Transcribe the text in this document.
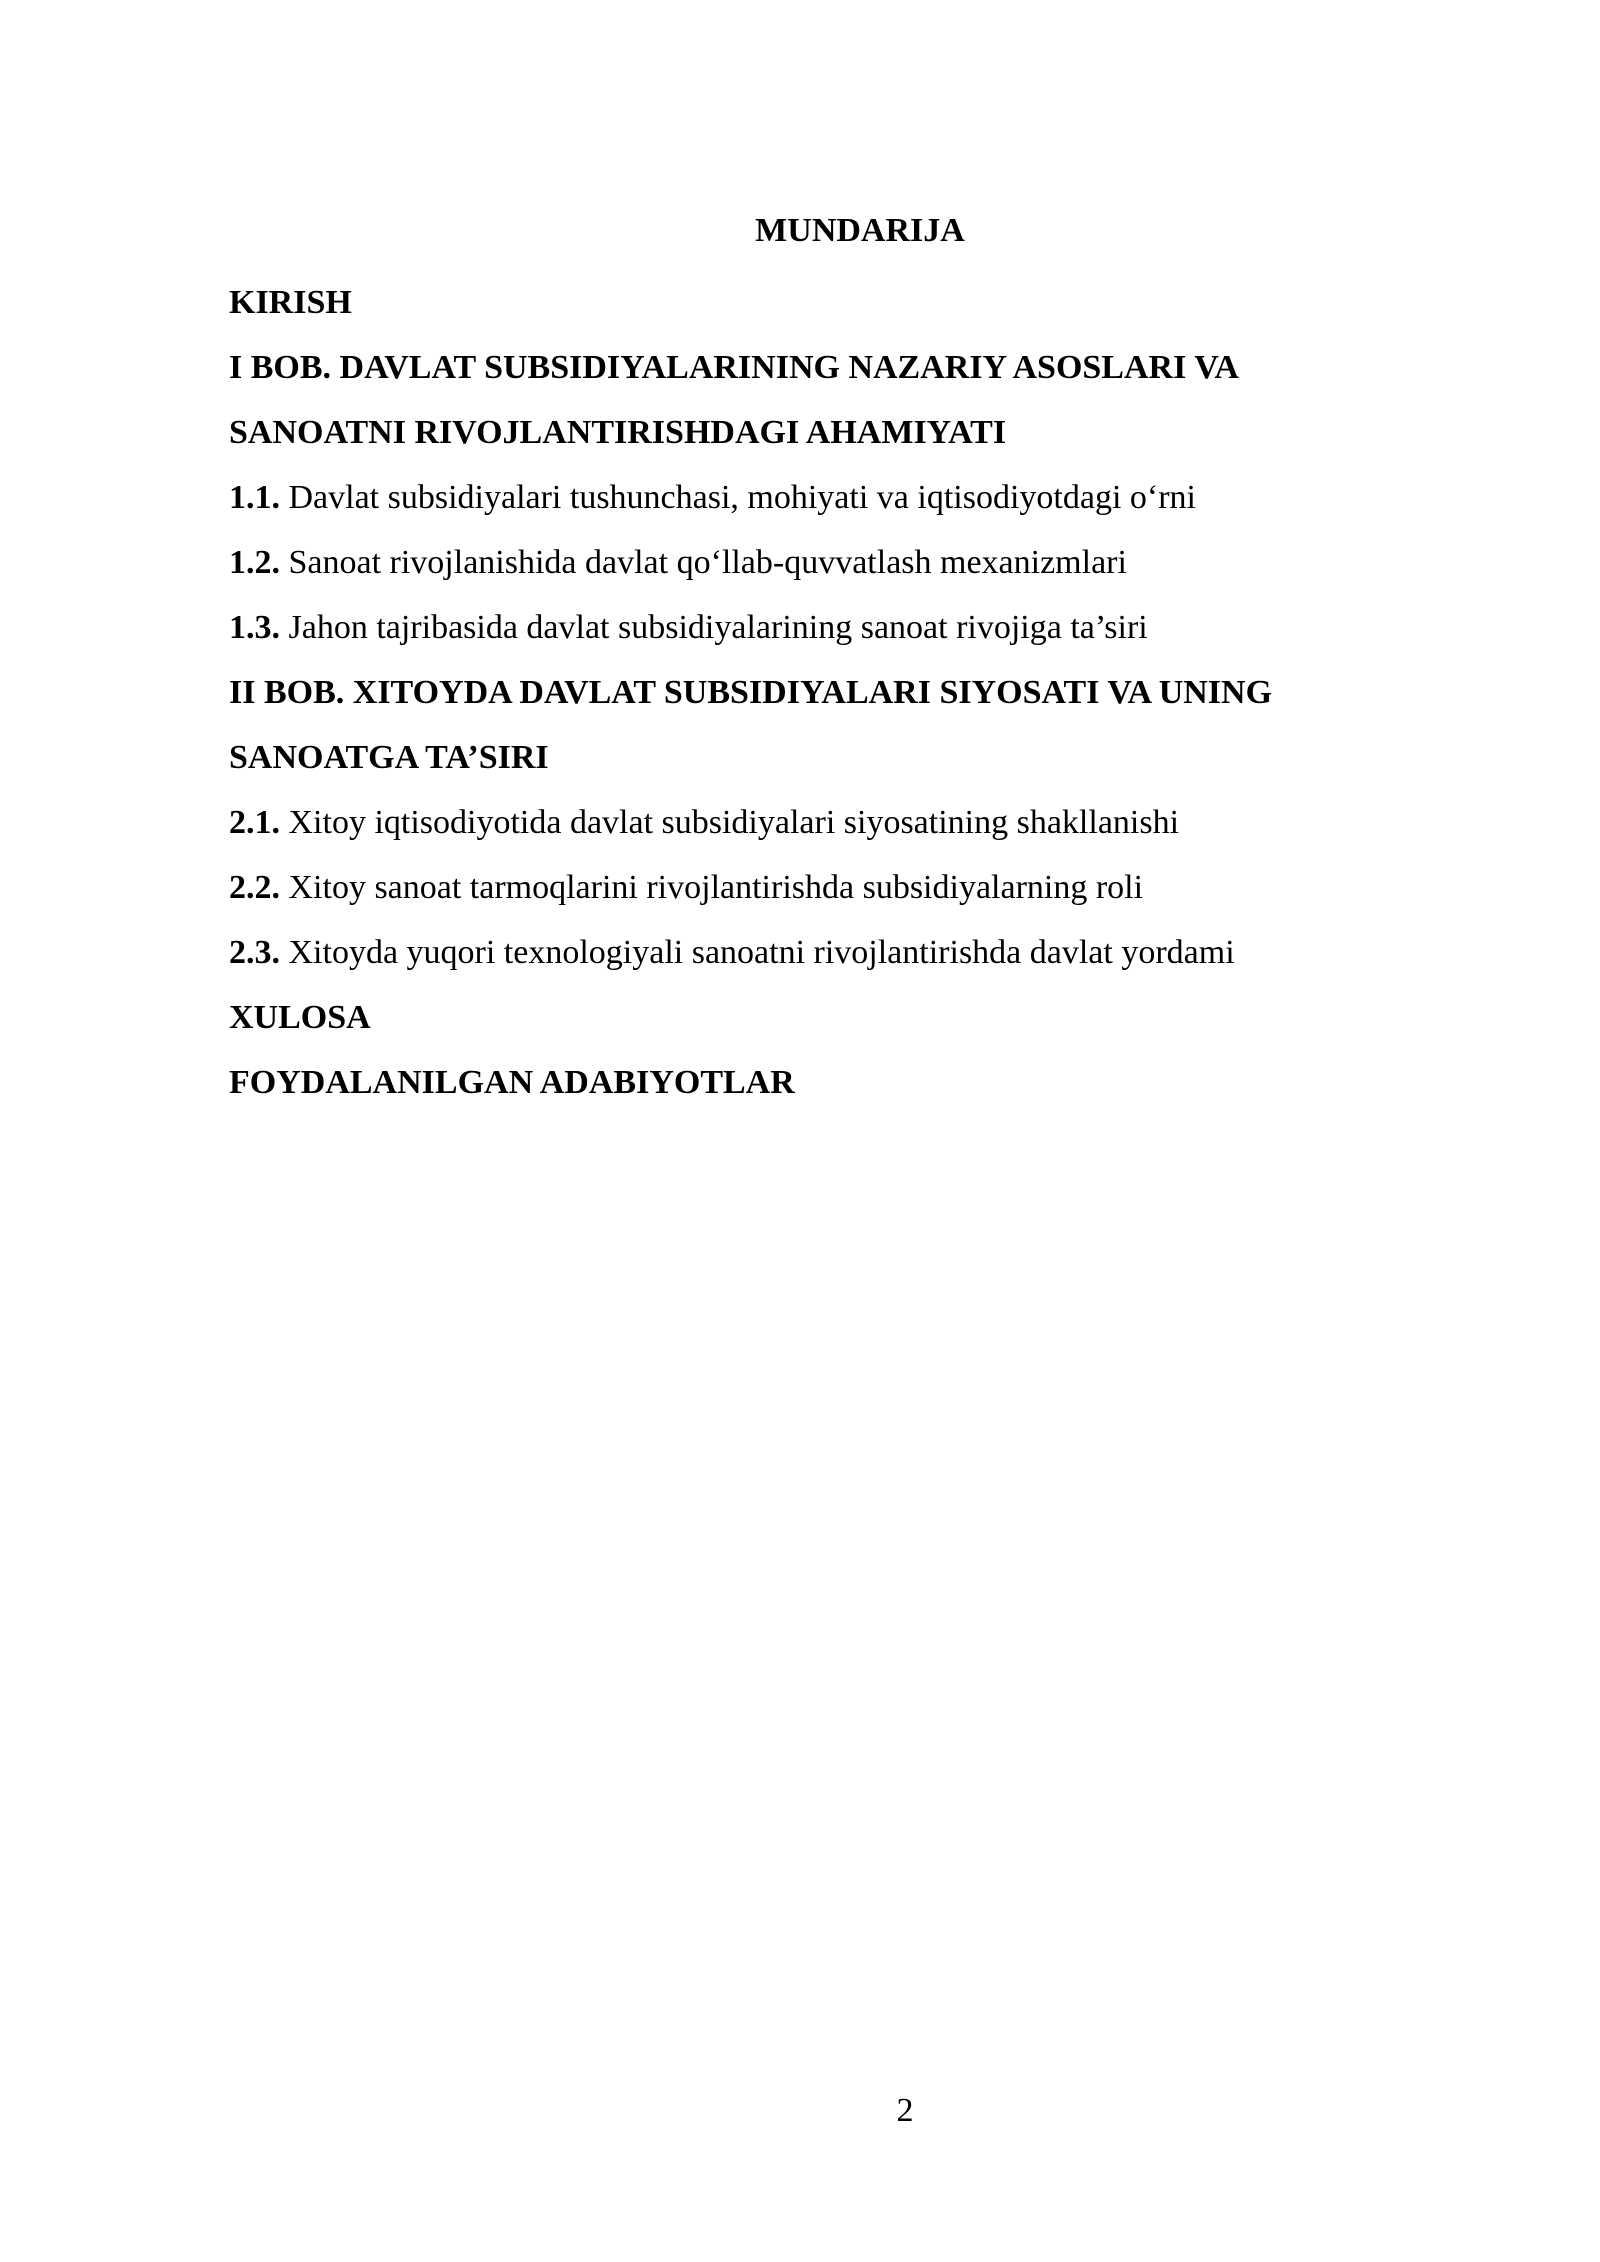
MUNDARIJA
KIRISH
I BOB. DAVLAT SUBSIDIYALARINING NAZARIY ASOSLARI VA
SANOATNI RIVOJLANTIRISHDAGI AHAMIYATI
1.1. Davlat subsidiyalari tushunchasi, mohiyati va iqtisodiyotdagi o‘rni
1.2. Sanoat rivojlanishida davlat qo‘llab-quvvatlash mexanizmlari
1.3. Jahon tajribasida davlat subsidiyalarining sanoat rivojiga ta’siri
II BOB. XITOYDA DAVLAT SUBSIDIYALARI SIYOSATI VA UNING
SANOATGA TA’SIRI
2.1. Xitoy iqtisodiyotida davlat subsidiyalari siyosatining shakllanishi
2.2. Xitoy sanoat tarmoqlarini rivojlantirishda subsidiyalarning roli
2.3. Xitoyda yuqori texnologiyali sanoatni rivojlantirishda davlat yordami
XULOSA
FOYDALANILGAN ADABIYOTLAR
2
